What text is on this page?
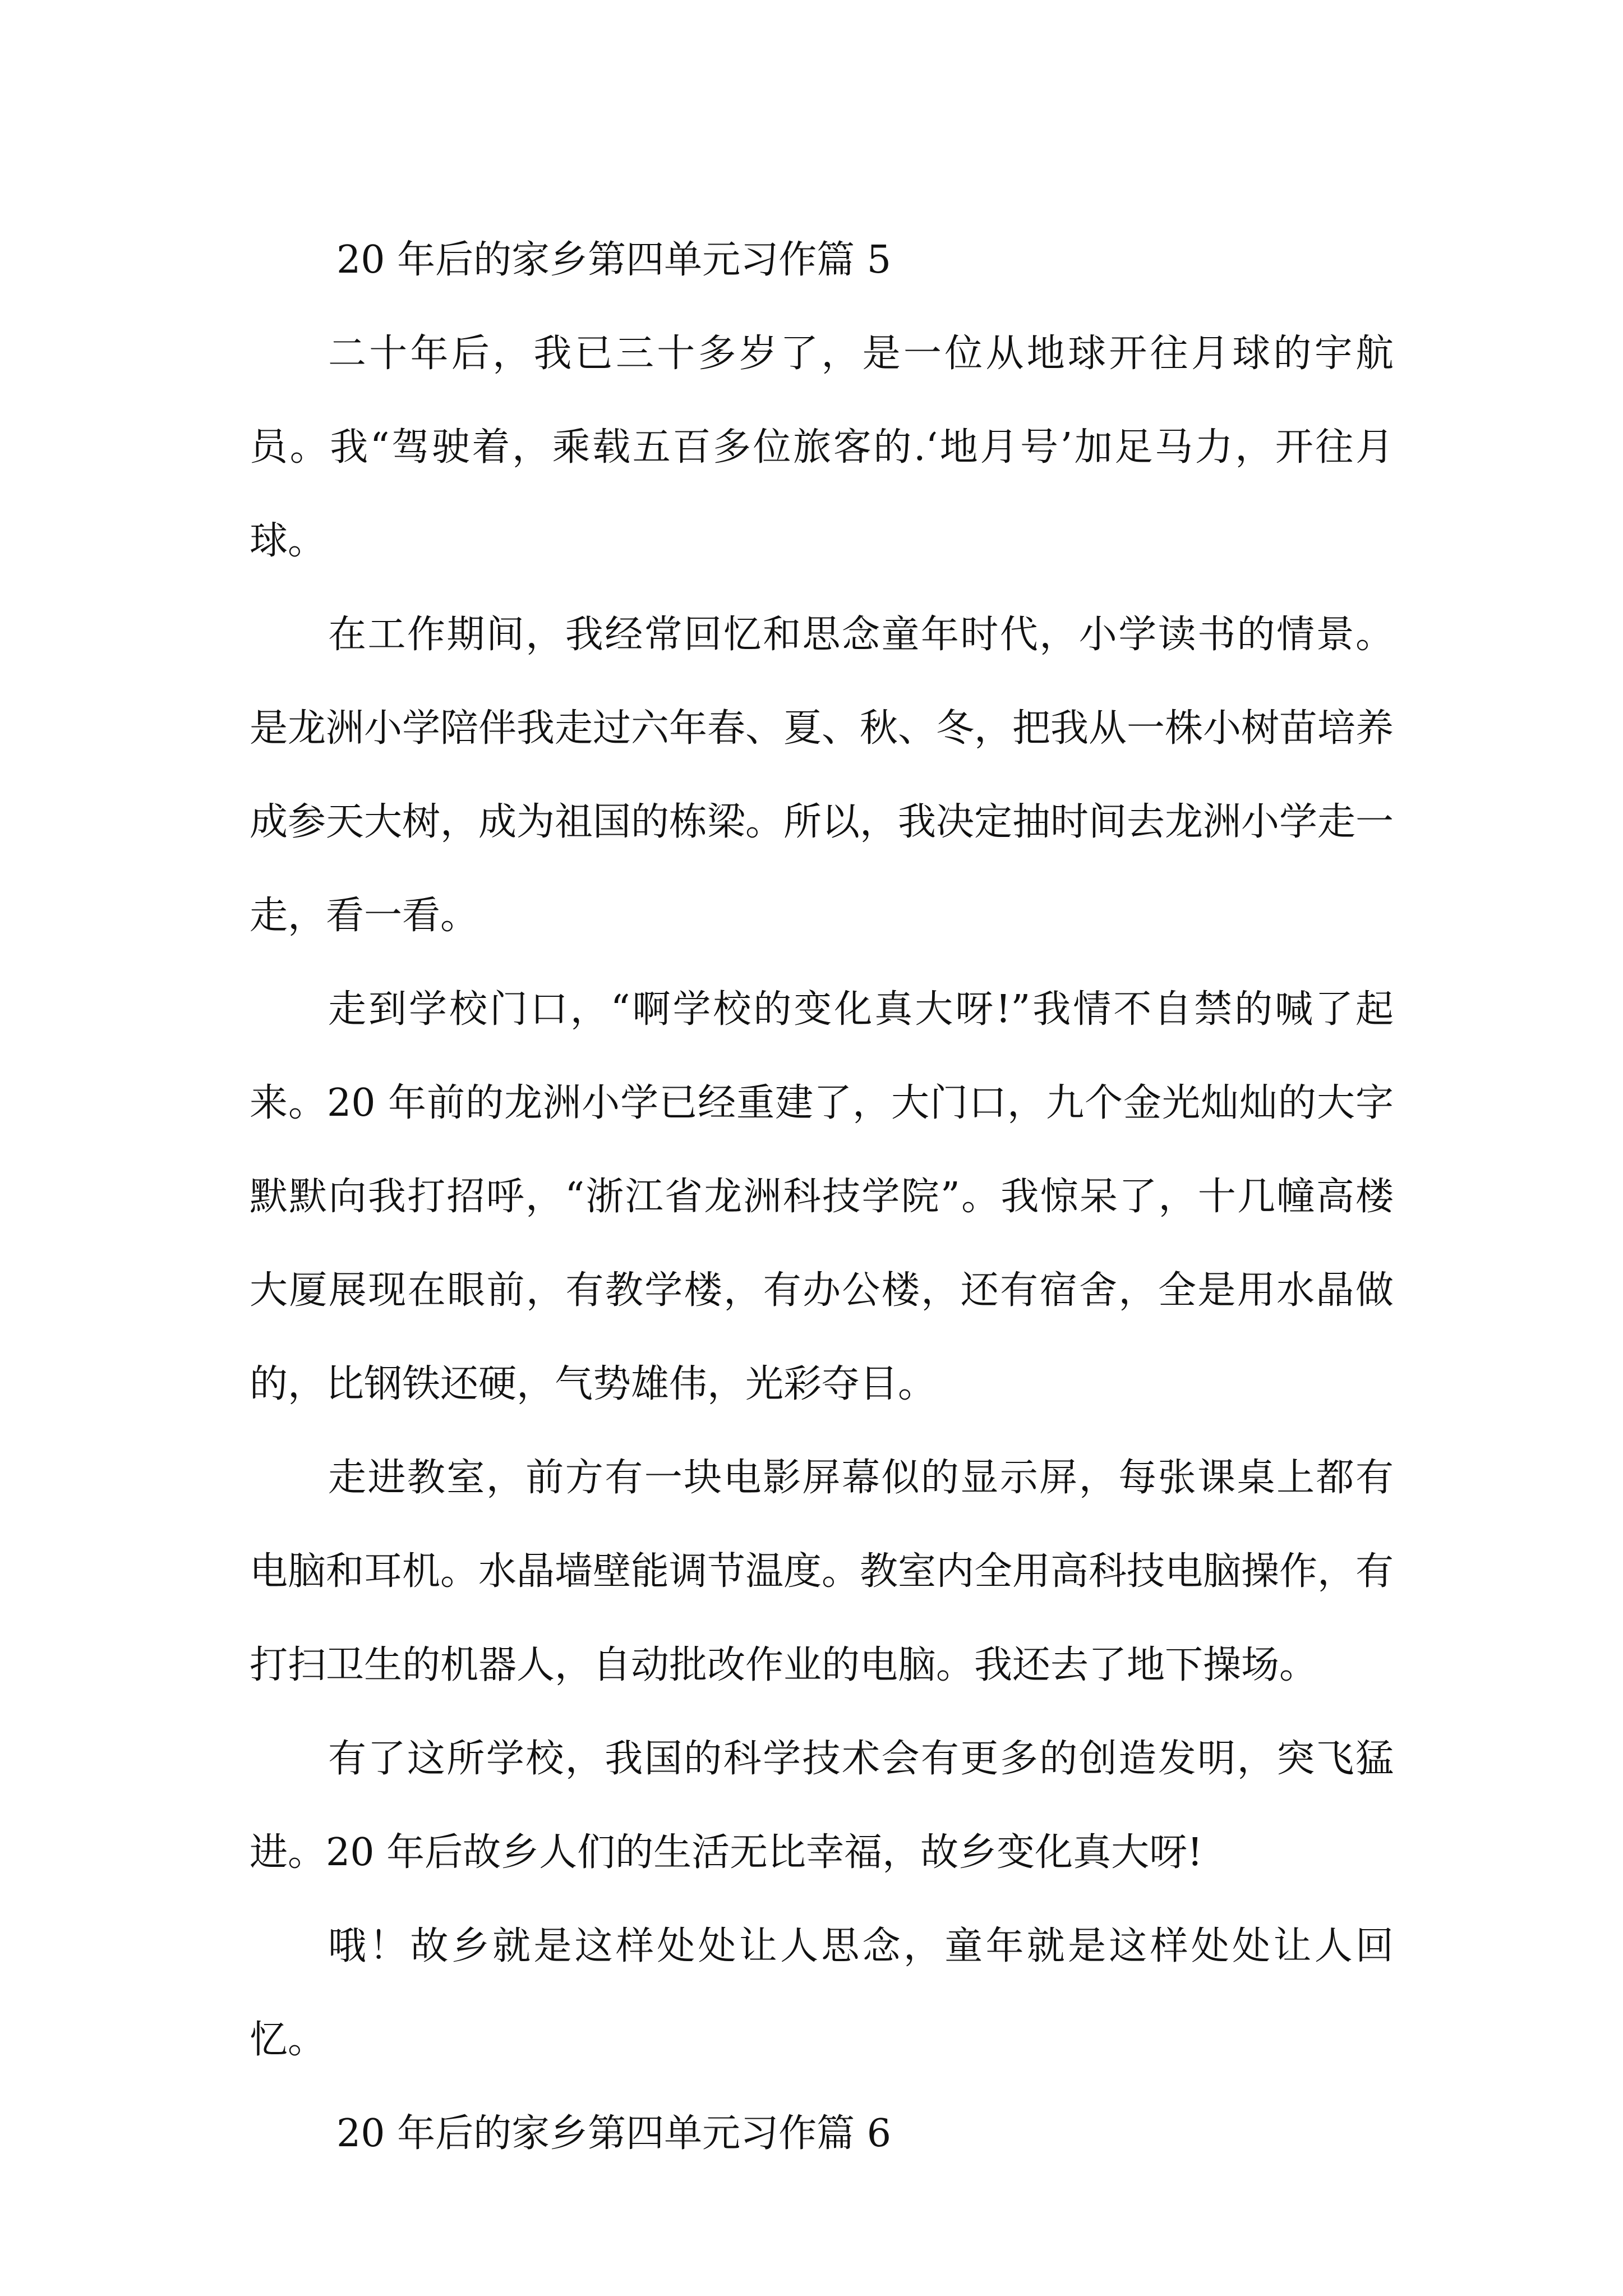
20 年后的家乡第四单元习作篇 5

二十年后，我已三十多岁了，是一位从地球开往月球的宇航员。我“驾驶着，乘载五百多位旅客的.‘地月号’加足马力，开往月球。

在工作期间，我经常回忆和思念童年时代，小学读书的情景。是龙洲小学陪伴我走过六年春、夏、秋、冬，把我从一株小树苗培养成参天大树，成为祖国的栋梁。所以，我决定抽时间去龙洲小学走一走，看一看。

走到学校门口，“啊学校的变化真大呀!”我情不自禁的喊了起来。20 年前的龙洲小学已经重建了，大门口，九个金光灿灿的大字默默向我打招呼，“浙江省龙洲科技学院”。我惊呆了，十几幢高楼大厦展现在眼前，有教学楼，有办公楼，还有宿舍，全是用水晶做的，比钢铁还硬，气势雄伟，光彩夺目。

走进教室，前方有一块电影屏幕似的显示屏，每张课桌上都有电脑和耳机。水晶墙壁能调节温度。教室内全用高科技电脑操作，有打扫卫生的机器人，自动批改作业的电脑。我还去了地下操场。

有了这所学校，我国的科学技术会有更多的创造发明，突飞猛进。20 年后故乡人们的生活无比幸福，故乡变化真大呀!

哦！故乡就是这样处处让人思念，童年就是这样处处让人回忆。

20 年后的家乡第四单元习作篇 6
